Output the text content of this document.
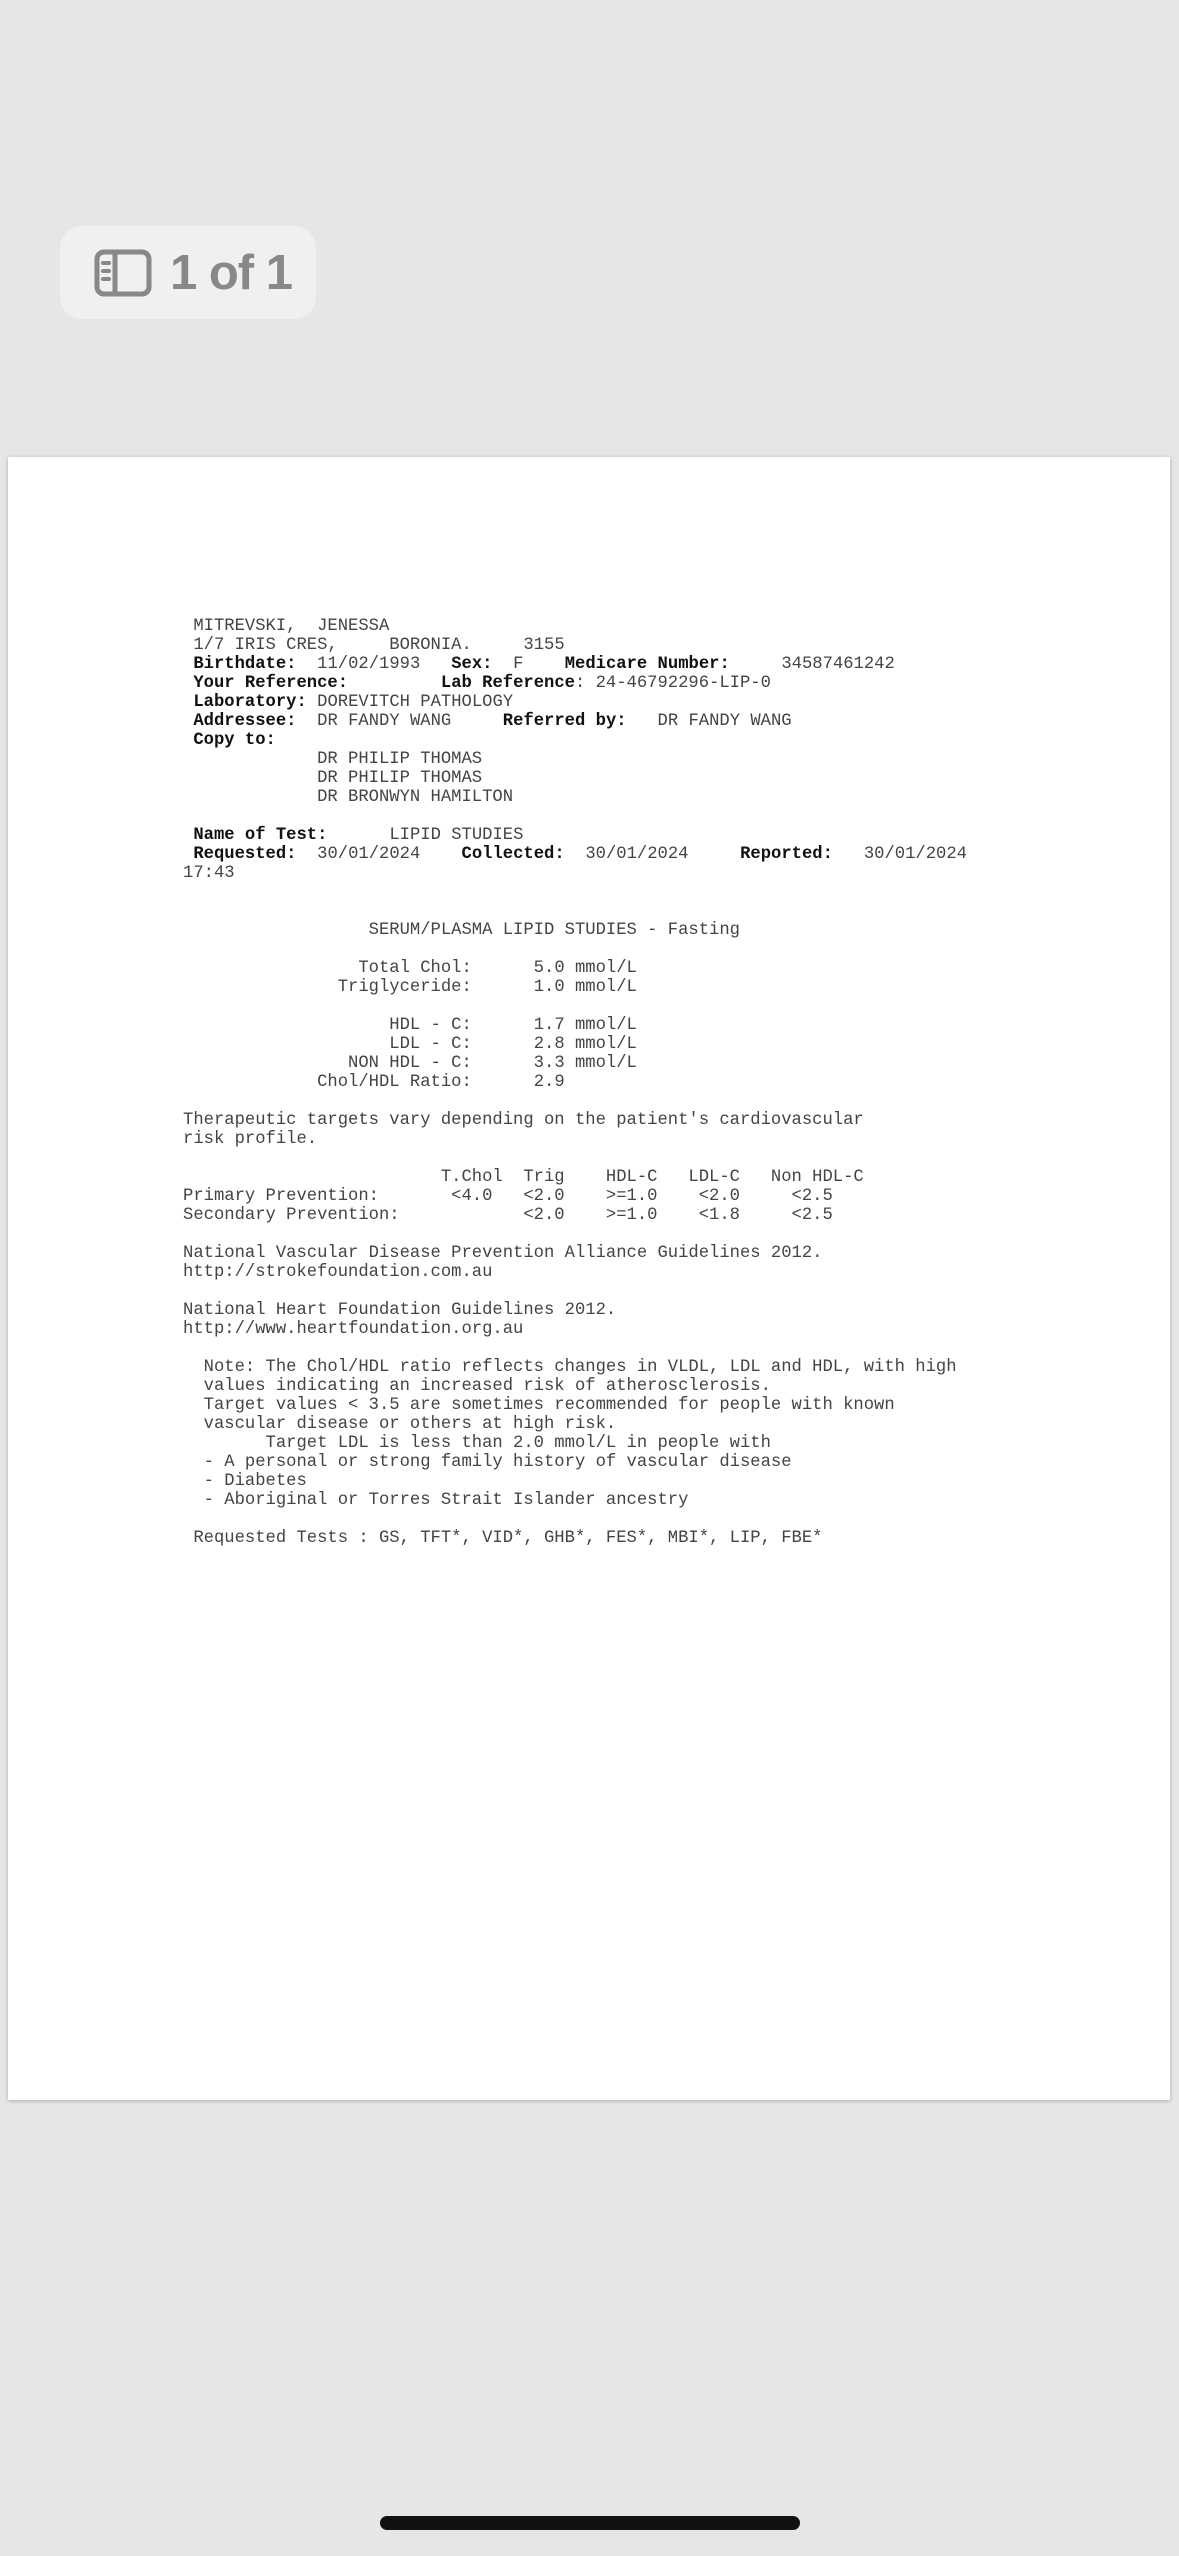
1 of 1
MITREVSKI,  JENESSA
1/7 IRIS CRES,     BORONIA.     3155
Birthdate: 11/02/1993 Sex: F Medicare Number:	34587461242
Your Reference:	Lab Reference: 24-46792296-LIP-0
Laboratory: DOREVITCH PATHOLOGY
Addressee: DR FANDY WANG	Referred by: DR FANDY WANG
Copy to:
DR PHILIP THOMAS
DR PHILIP THOMAS
DR BRONWYN HAMILTON

Name of Test:	LIPID STUDIES
Requested: 30/01/2024 Collected: 30/01/2024	Reported: 30/01/2024
17:43

SERUM/PLASMA LIPID STUDIES - Fasting

Total Chol:      5.0 mmol/L
Triglyceride:      1.0 mmol/L

HDL - C:      1.7 mmol/L
LDL - C:      2.8 mmol/L
NON HDL - C:      3.3 mmol/L
Chol/HDL Ratio:      2.9

Therapeutic targets vary depending on the patient's cardiovascular
risk profile.

T.Chol  Trig    HDL-C   LDL-C   Non HDL-C
Primary Prevention:       <4.0   <2.0    >=1.0    <2.0     <2.5
Secondary Prevention:            <2.0    >=1.0    <1.8     <2.5

National Vascular Disease Prevention Alliance Guidelines 2012.
http://strokefoundation.com.au

National Heart Foundation Guidelines 2012.
http://www.heartfoundation.org.au

Note: The Chol/HDL ratio reflects changes in VLDL, LDL and HDL, with high
values indicating an increased risk of atherosclerosis.
Target values < 3.5 are sometimes recommended for people with known
vascular disease or others at high risk.
Target LDL is less than 2.0 mmol/L in people with
- A personal or strong family history of vascular disease
- Diabetes
- Aboriginal or Torres Strait Islander ancestry

Requested Tests : GS, TFT*, VID*, GHB*, FES*, MBI*, LIP, FBE*
